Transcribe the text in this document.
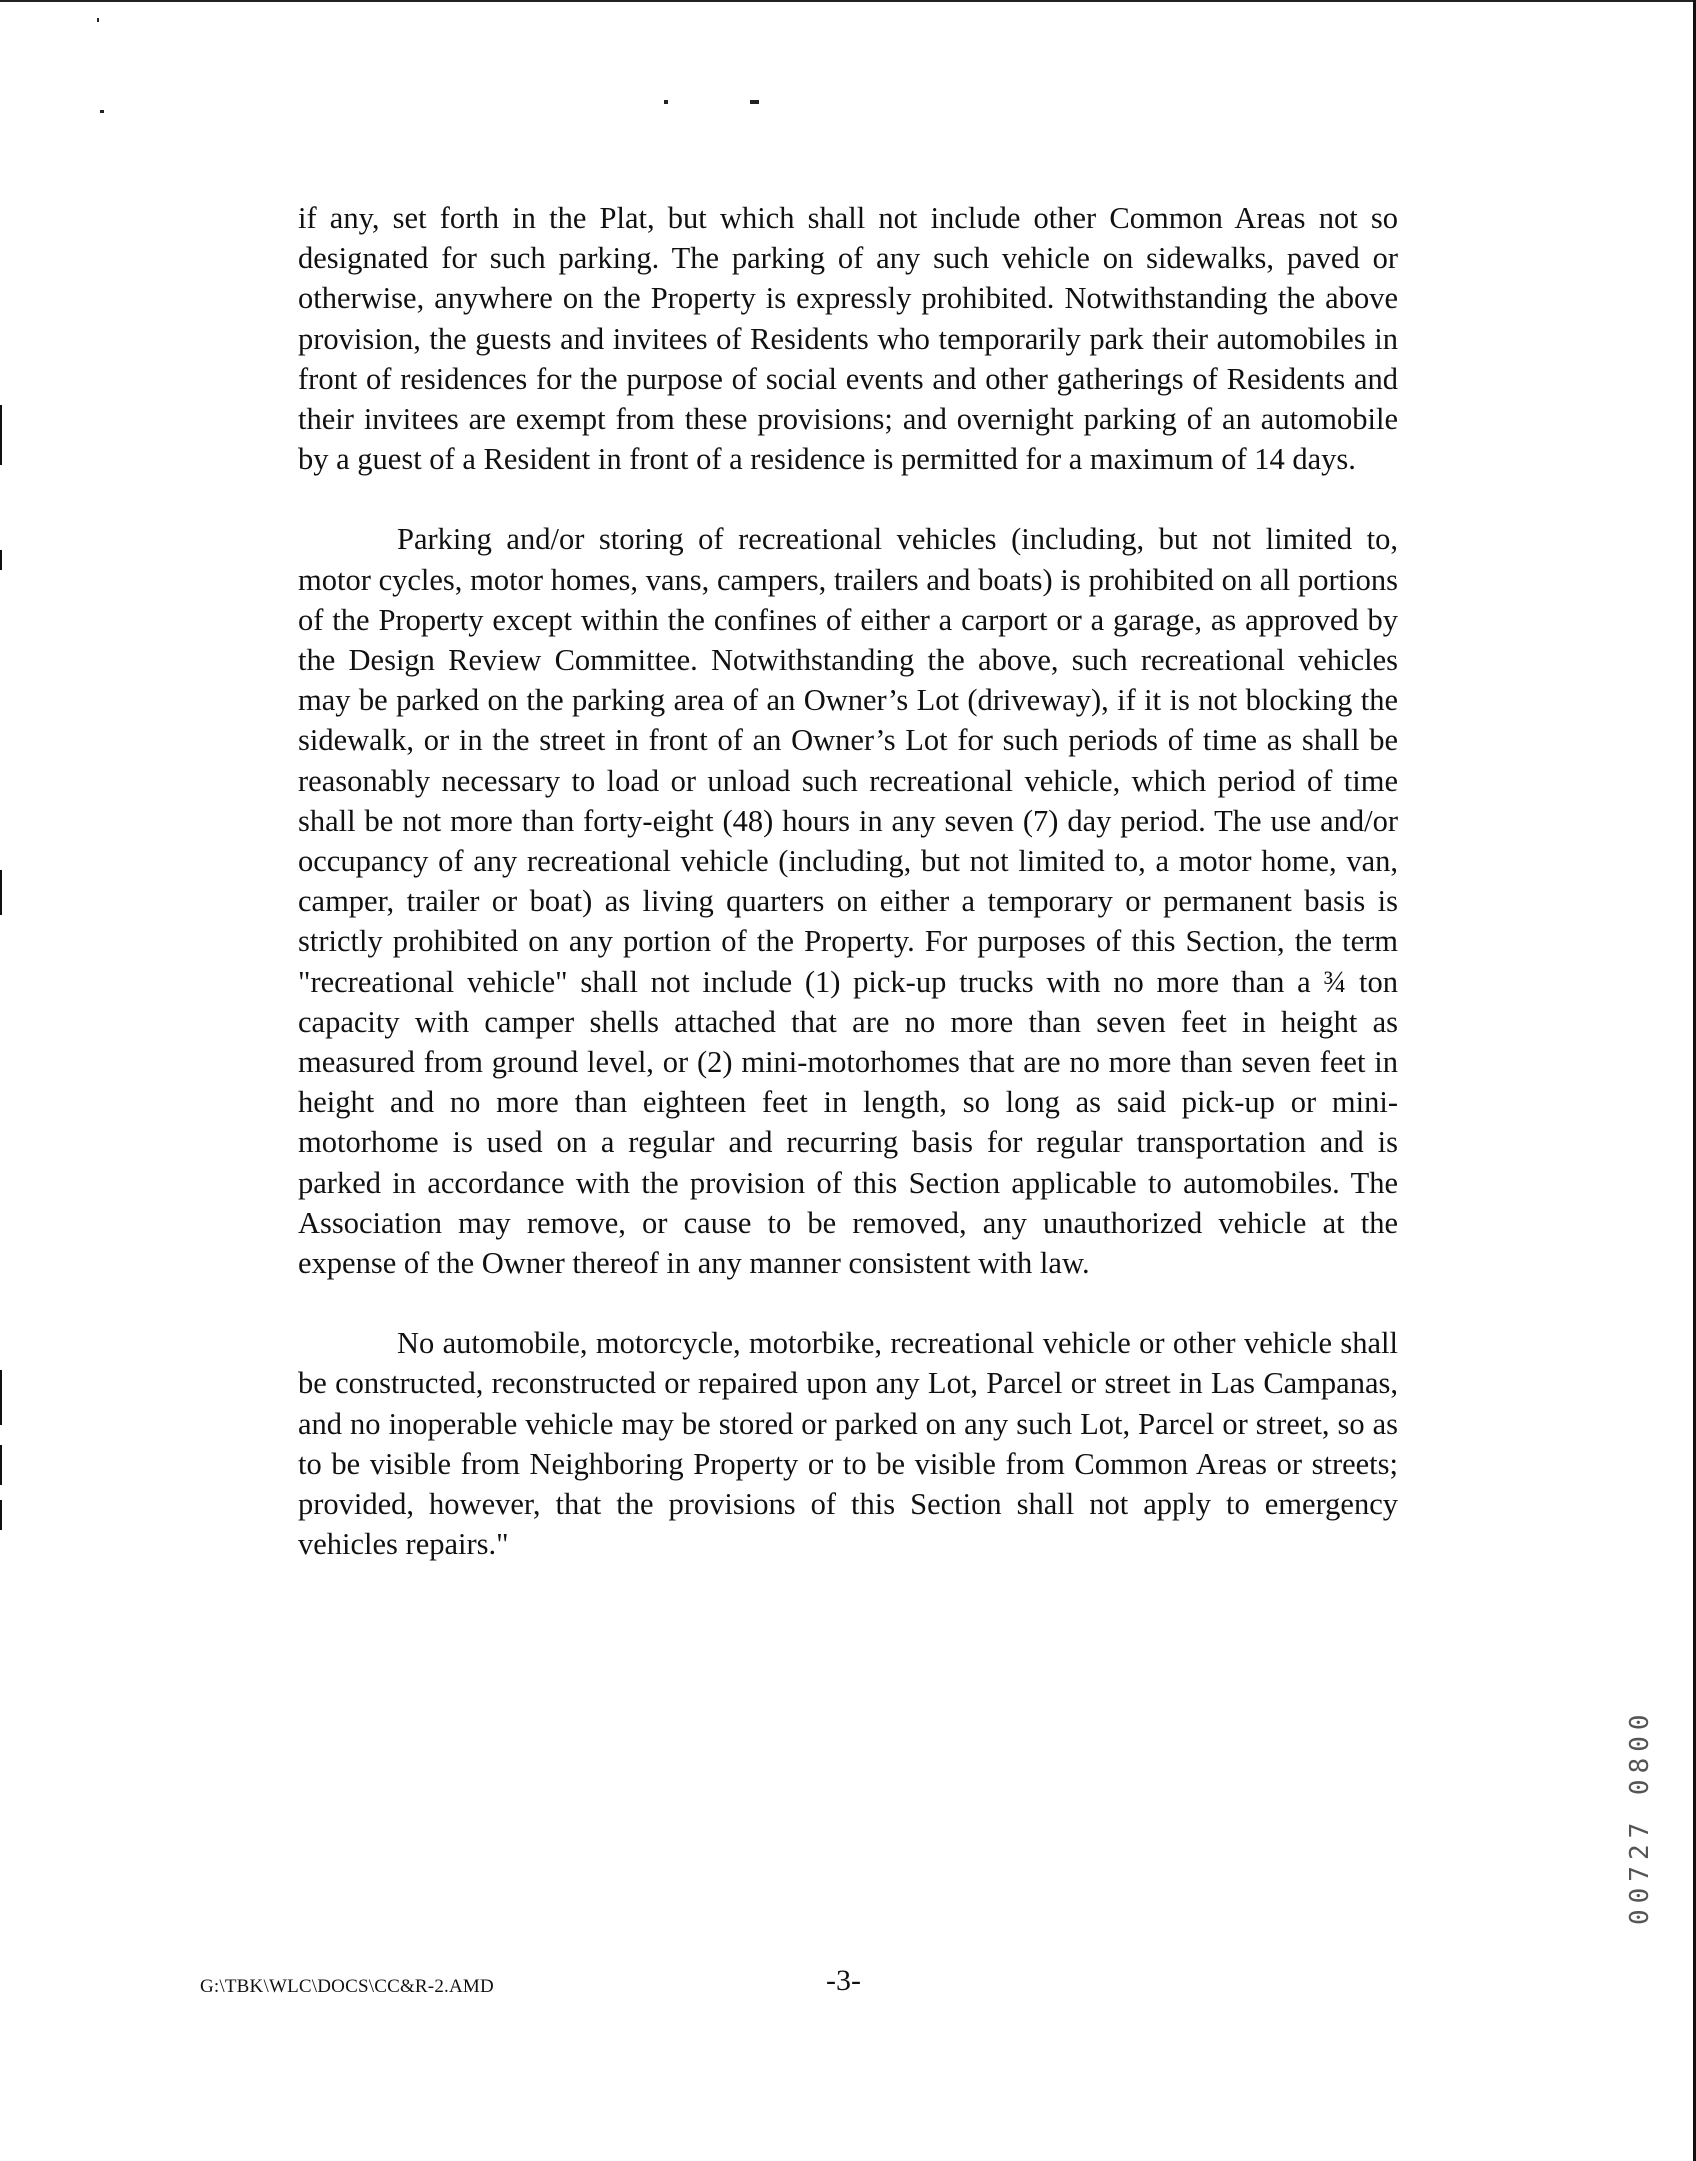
if any, set forth in the Plat, but which shall not include other Common Areas not so designated for such parking. The parking of any such vehicle on sidewalks, paved or otherwise, anywhere on the Property is expressly prohibited. Notwithstanding the above provision, the guests and invitees of Residents who temporarily park their automobiles in front of residences for the purpose of social events and other gatherings of Residents and their invitees are exempt from these provisions; and overnight parking of an automobile by a guest of a Resident in front of a residence is permitted for a maximum of 14 days.

Parking and/or storing of recreational vehicles (including, but not limited to, motor cycles, motor homes, vans, campers, trailers and boats) is prohibited on all portions of the Property except within the confines of either a carport or a garage, as approved by the Design Review Committee. Notwithstanding the above, such recreational vehicles may be parked on the parking area of an Owner’s Lot (driveway), if it is not blocking the sidewalk, or in the street in front of an Owner’s Lot for such periods of time as shall be reasonably necessary to load or unload such recreational vehicle, which period of time shall be not more than forty-eight (48) hours in any seven (7) day period. The use and/or occupancy of any recreational vehicle (including, but not limited to, a motor home, van, camper, trailer or boat) as living quarters on either a temporary or permanent basis is strictly prohibited on any portion of the Property. For purposes of this Section, the term "recreational vehicle" shall not include (1) pick-up trucks with no more than a ¾ ton capacity with camper shells attached that are no more than seven feet in height as measured from ground level, or (2) mini-motorhomes that are no more than seven feet in height and no more than eighteen feet in length, so long as said pick-up or mini-motorhome is used on a regular and recurring basis for regular transportation and is parked in accordance with the provision of this Section applicable to automobiles. The Association may remove, or cause to be removed, any unauthorized vehicle at the expense of the Owner thereof in any manner consistent with law.

No automobile, motorcycle, motorbike, recreational vehicle or other vehicle shall be constructed, reconstructed or repaired upon any Lot, Parcel or street in Las Campanas, and no inoperable vehicle may be stored or parked on any such Lot, Parcel or street, so as to be visible from Neighboring Property or to be visible from Common Areas or streets; provided, however, that the provisions of this Section shall not apply to emergency vehicles repairs."

G:\TBK\WLC\DOCS\CC&R-2.AMD	-3-
00727 0800
